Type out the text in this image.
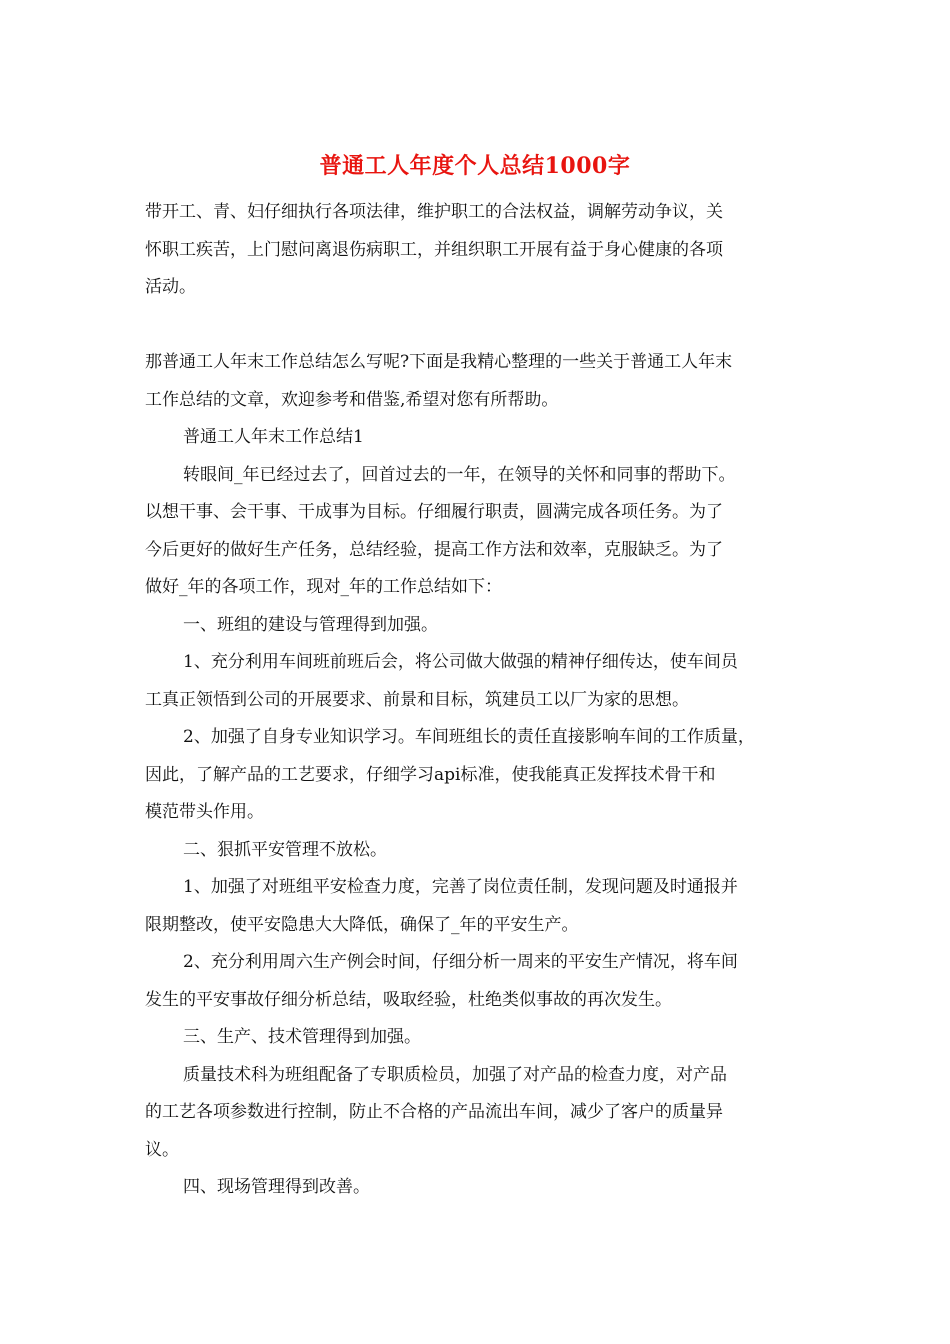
普通工人年度个人总结1000字
带开工、青、妇仔细执行各项法律，维护职工的合法权益，调解劳动争议，关
怀职工疾苦，上门慰问离退伤病职工，并组织职工开展有益于身心健康的各项
活动。
那普通工人年末工作总结怎么写呢?下面是我精心整理的一些关于普通工人年末
工作总结的文章，欢迎参考和借鉴,希望对您有所帮助。
普通工人年末工作总结1
转眼间_年已经过去了，回首过去的一年，在领导的关怀和同事的帮助下。
以想干事、会干事、干成事为目标。仔细履行职责，圆满完成各项任务。为了
今后更好的做好生产任务，总结经验，提高工作方法和效率，克服缺乏。为了
做好_年的各项工作，现对_年的工作总结如下：
一、班组的建设与管理得到加强。
1、充分利用车间班前班后会，将公司做大做强的精神仔细传达，使车间员
工真正领悟到公司的开展要求、前景和目标，筑建员工以厂为家的思想。
2、加强了自身专业知识学习。车间班组长的责任直接影响车间的工作质量，
因此，了解产品的工艺要求，仔细学习api标准，使我能真正发挥技术骨干和
模范带头作用。
二、狠抓平安管理不放松。
1、加强了对班组平安检查力度，完善了岗位责任制，发现问题及时通报并
限期整改，使平安隐患大大降低，确保了_年的平安生产。
2、充分利用周六生产例会时间，仔细分析一周来的平安生产情况，将车间
发生的平安事故仔细分析总结，吸取经验，杜绝类似事故的再次发生。
三、生产、技术管理得到加强。
质量技术科为班组配备了专职质检员，加强了对产品的检查力度，对产品
的工艺各项参数进行控制，防止不合格的产品流出车间，减少了客户的质量异
议。
四、现场管理得到改善。
